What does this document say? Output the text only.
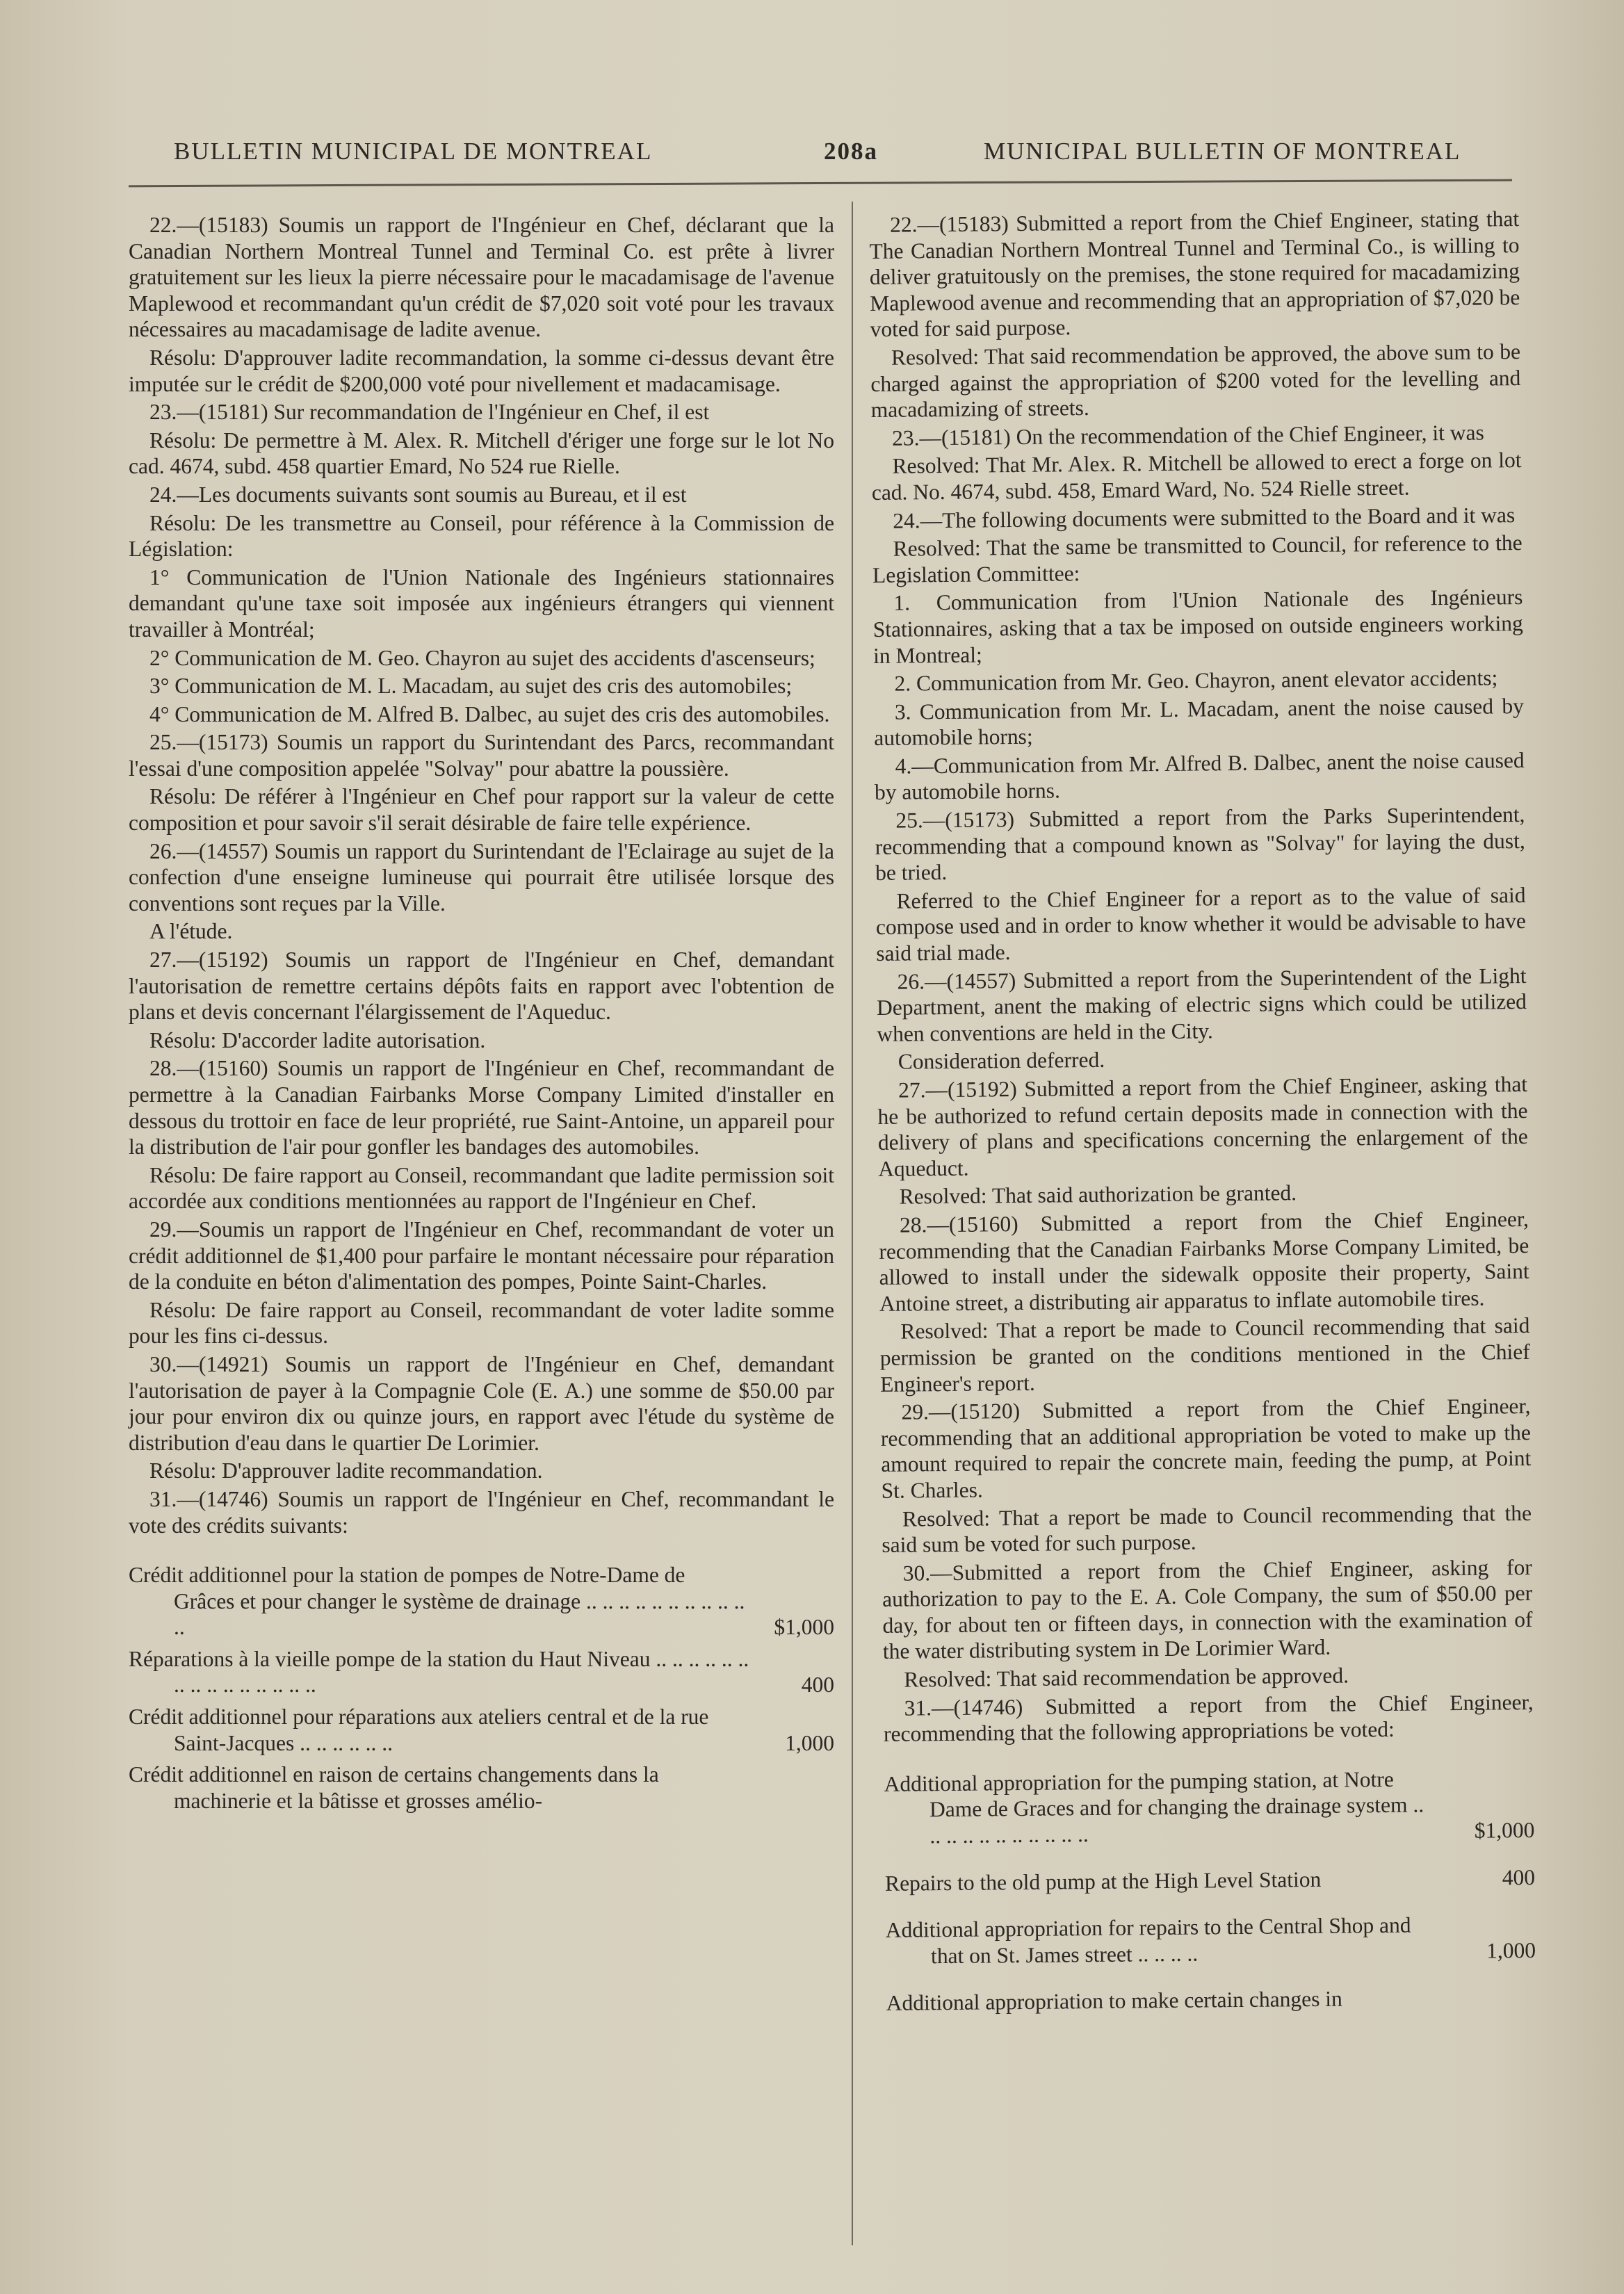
BULLETIN MUNICIPAL DE MONTREAL	208a	MUNICIPAL BULLETIN OF MONTREAL

22.—(15183) Soumis un rapport de l'Ingénieur en Chef, déclarant que la Canadian Northern Montreal Tunnel and Terminal Co. est prête à livrer gratuitement sur les lieux la pierre nécessaire pour le macadamisage de l'avenue Maplewood et recommandant qu'un crédit de $7,020 soit voté pour les travaux nécessaires au macadamisage de ladite avenue.

Résolu: D'approuver ladite recommandation, la somme ci-dessus devant être imputée sur le crédit de $200,000 voté pour nivellement et madacamisage.

23.—(15181) Sur recommandation de l'Ingénieur en Chef, il est

Résolu: De permettre à M. Alex. R. Mitchell d'ériger une forge sur le lot No cad. 4674, subd. 458 quartier Emard, No 524 rue Rielle.

24.—Les documents suivants sont soumis au Bureau, et il est

Résolu: De les transmettre au Conseil, pour référence à la Commission de Législation:

1° Communication de l'Union Nationale des Ingénieurs stationnaires demandant qu'une taxe soit imposée aux ingénieurs étrangers qui viennent travailler à Montréal;

2° Communication de M. Geo. Chayron au sujet des accidents d'ascenseurs;

3° Communication de M. L. Macadam, au sujet des cris des automobiles;

4° Communication de M. Alfred B. Dalbec, au sujet des cris des automobiles.

25.—(15173) Soumis un rapport du Surintendant des Parcs, recommandant l'essai d'une composition appelée "Solvay" pour abattre la poussière.

Résolu: De référer à l'Ingénieur en Chef pour rapport sur la valeur de cette composition et pour savoir s'il serait désirable de faire telle expérience.

26.—(14557) Soumis un rapport du Surintendant de l'Eclairage au sujet de la confection d'une enseigne lumineuse qui pourrait être utilisée lorsque des conventions sont reçues par la Ville.

A l'étude.

27.—(15192) Soumis un rapport de l'Ingénieur en Chef, demandant l'autorisation de remettre certains dépôts faits en rapport avec l'obtention de plans et devis concernant l'élargissement de l'Aqueduc.

Résolu: D'accorder ladite autorisation.

28.—(15160) Soumis un rapport de l'Ingénieur en Chef, recommandant de permettre à la Canadian Fairbanks Morse Company Limited d'installer en dessous du trottoir en face de leur propriété, rue Saint-Antoine, un appareil pour la distribution de l'air pour gonfler les bandages des automobiles.

Résolu: De faire rapport au Conseil, recommandant que ladite permission soit accordée aux conditions mentionnées au rapport de l'Ingénieur en Chef.

29.—Soumis un rapport de l'Ingénieur en Chef, recommandant de voter un crédit additionnel de $1,400 pour parfaire le montant nécessaire pour réparation de la conduite en béton d'alimentation des pompes, Pointe Saint-Charles.

Résolu: De faire rapport au Conseil, recommandant de voter ladite somme pour les fins ci-dessus.

30.—(14921) Soumis un rapport de l'Ingénieur en Chef, demandant l'autorisation de payer à la Compagnie Cole (E. A.) une somme de $50.00 par jour pour environ dix ou quinze jours, en rapport avec l'étude du système de distribution d'eau dans le quartier De Lorimier.

Résolu: D'approuver ladite recommandation.

31.—(14746) Soumis un rapport de l'Ingénieur en Chef, recommandant le vote des crédits suivants:

Crédit additionnel pour la station de pompes de Notre-Dame de Grâces et pour changer le système de drainage .. .. .. .. .. .. .. .. .. .. ..	$1,000
Réparations à la vieille pompe de la station du Haut Niveau .. .. .. .. .. .. .. .. .. .. .. .. .. .. ..	400
Crédit additionnel pour réparations aux ateliers central et de la rue Saint-Jacques .. .. .. .. .. ..	1,000
Crédit additionnel en raison de certains changements dans la machinerie et la bâtisse et grosses amélio-

22.—(15183) Submitted a report from the Chief Engineer, stating that The Canadian Northern Montreal Tunnel and Terminal Co., is willing to deliver gratuitously on the premises, the stone required for macadamizing Maplewood avenue and recommending that an appropriation of $7,020 be voted for said purpose.

Resolved: That said recommendation be approved, the above sum to be charged against the appropriation of $200 voted for the levelling and macadamizing of streets.

23.—(15181) On the recommendation of the Chief Engineer, it was

Resolved: That Mr. Alex. R. Mitchell be allowed to erect a forge on lot cad. No. 4674, subd. 458, Emard Ward, No. 524 Rielle street.

24.—The following documents were submitted to the Board and it was

Resolved: That the same be transmitted to Council, for reference to the Legislation Committee:

1. Communication from l'Union Nationale des Ingénieurs Stationnaires, asking that a tax be imposed on outside engineers working in Montreal;

2. Communication from Mr. Geo. Chayron, anent elevator accidents;

3. Communication from Mr. L. Macadam, anent the noise caused by automobile horns;

4.—Communication from Mr. Alfred B. Dalbec, anent the noise caused by automobile horns.

25.—(15173) Submitted a report from the Parks Superintendent, recommending that a compound known as "Solvay" for laying the dust, be tried.

Referred to the Chief Engineer for a report as to the value of said compose used and in order to know whether it would be advisable to have said trial made.

26.—(14557) Submitted a report from the Superintendent of the Light Department, anent the making of electric signs which could be utilized when conventions are held in the City.

Consideration deferred.

27.—(15192) Submitted a report from the Chief Engineer, asking that he be authorized to refund certain deposits made in connection with the delivery of plans and specifications concerning the enlargement of the Aqueduct.

Resolved: That said authorization be granted.

28.—(15160) Submitted a report from the Chief Engineer, recommending that the Canadian Fairbanks Morse Company Limited, be allowed to install under the sidewalk opposite their property, Saint Antoine street, a distributing air apparatus to inflate automobile tires.

Resolved: That a report be made to Council recommending that said permission be granted on the conditions mentioned in the Chief Engineer's report.

29.—(15120) Submitted a report from the Chief Engineer, recommending that an additional appropriation be voted to make up the amount required to repair the concrete main, feeding the pump, at Point St. Charles.

Resolved: That a report be made to Council recommending that the said sum be voted for such purpose.

30.—Submitted a report from the Chief Engineer, asking for authorization to pay to the E. A. Cole Company, the sum of $50.00 per day, for about ten or fifteen days, in connection with the examination of the water distributing system in De Lorimier Ward.

Resolved: That said recommendation be approved.

31.—(14746) Submitted a report from the Chief Engineer, recommending that the following appropriations be voted:

Additional appropriation for the pumping station, at Notre Dame de Graces and for changing the drainage system .. .. .. .. .. .. .. .. .. .. ..	$1,000
Repairs to the old pump at the High Level Station	400
Additional appropriation for repairs to the Central Shop and that on St. James street .. .. .. ..	1,000
Additional appropriation to make certain changes in
